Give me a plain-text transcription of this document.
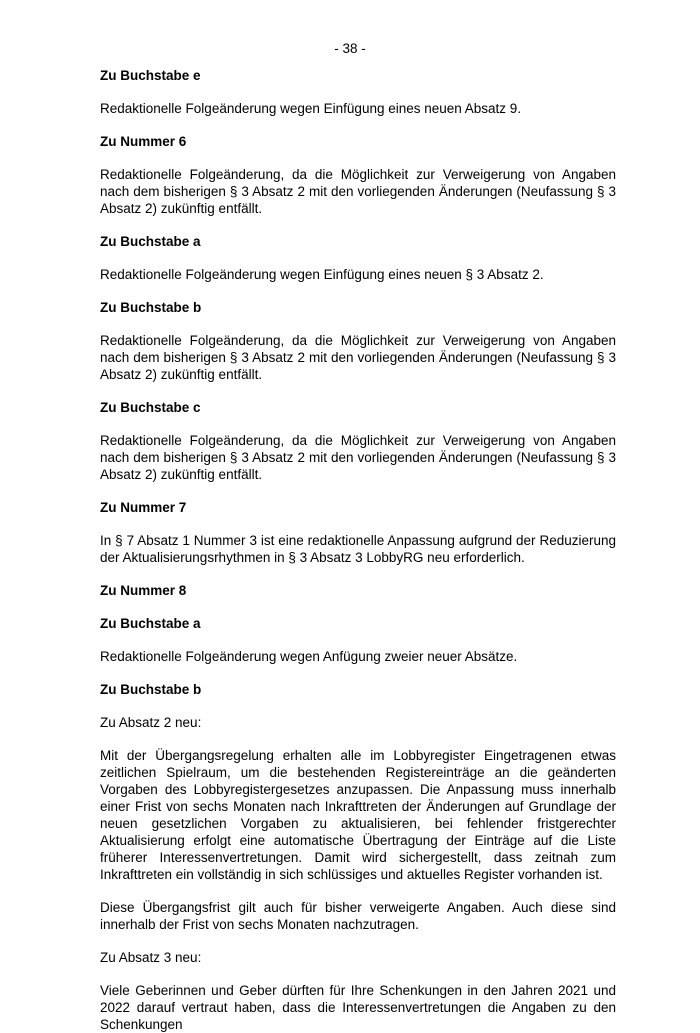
- 38 -
Zu Buchstabe e

Redaktionelle Folgeänderung wegen Einfügung eines neuen Absatz 9.

Zu Nummer 6

Redaktionelle Folgeänderung, da die Möglichkeit zur Verweigerung von Angaben nach dem bisherigen § 3 Absatz 2 mit den vorliegenden Änderungen (Neufassung § 3 Absatz 2) zukünftig entfällt.

Zu Buchstabe a

Redaktionelle Folgeänderung wegen Einfügung eines neuen § 3 Absatz 2.

Zu Buchstabe b

Redaktionelle Folgeänderung, da die Möglichkeit zur Verweigerung von Angaben nach dem bisherigen § 3 Absatz 2 mit den vorliegenden Änderungen (Neufassung § 3 Absatz 2) zukünftig entfällt.

Zu Buchstabe c

Redaktionelle Folgeänderung, da die Möglichkeit zur Verweigerung von Angaben nach dem bisherigen § 3 Absatz 2 mit den vorliegenden Änderungen (Neufassung § 3 Absatz 2) zukünftig entfällt.

Zu Nummer 7

In § 7 Absatz 1 Nummer 3 ist eine redaktionelle Anpassung aufgrund der Reduzierung der Aktualisierungsrhythmen in § 3 Absatz 3 LobbyRG neu erforderlich.

Zu Nummer 8
Zu Buchstabe a

Redaktionelle Folgeänderung wegen Anfügung zweier neuer Absätze.

Zu Buchstabe b

Zu Absatz 2 neu:

Mit der Übergangsregelung erhalten alle im Lobbyregister Eingetragenen etwas zeitlichen Spielraum, um die bestehenden Registereinträge an die geänderten Vorgaben des Lobbyregistergesetzes anzupassen. Die Anpassung muss innerhalb einer Frist von sechs Monaten nach Inkrafttreten der Änderungen auf Grundlage der neuen gesetzlichen Vorgaben zu aktualisieren, bei fehlender fristgerechter Aktualisierung erfolgt eine automatische Übertragung der Einträge auf die Liste früherer Interessenvertretungen. Damit wird sichergestellt, dass zeitnah zum Inkrafttreten ein vollständig in sich schlüssiges und aktuelles Register vorhanden ist.

Diese Übergangsfrist gilt auch für bisher verweigerte Angaben. Auch diese sind innerhalb der Frist von sechs Monaten nachzutragen.

Zu Absatz 3 neu:

Viele Geberinnen und Geber dürften für Ihre Schenkungen in den Jahren 2021 und 2022 darauf vertraut haben, dass die Interessenvertretungen die Angaben zu den Schenkungen
